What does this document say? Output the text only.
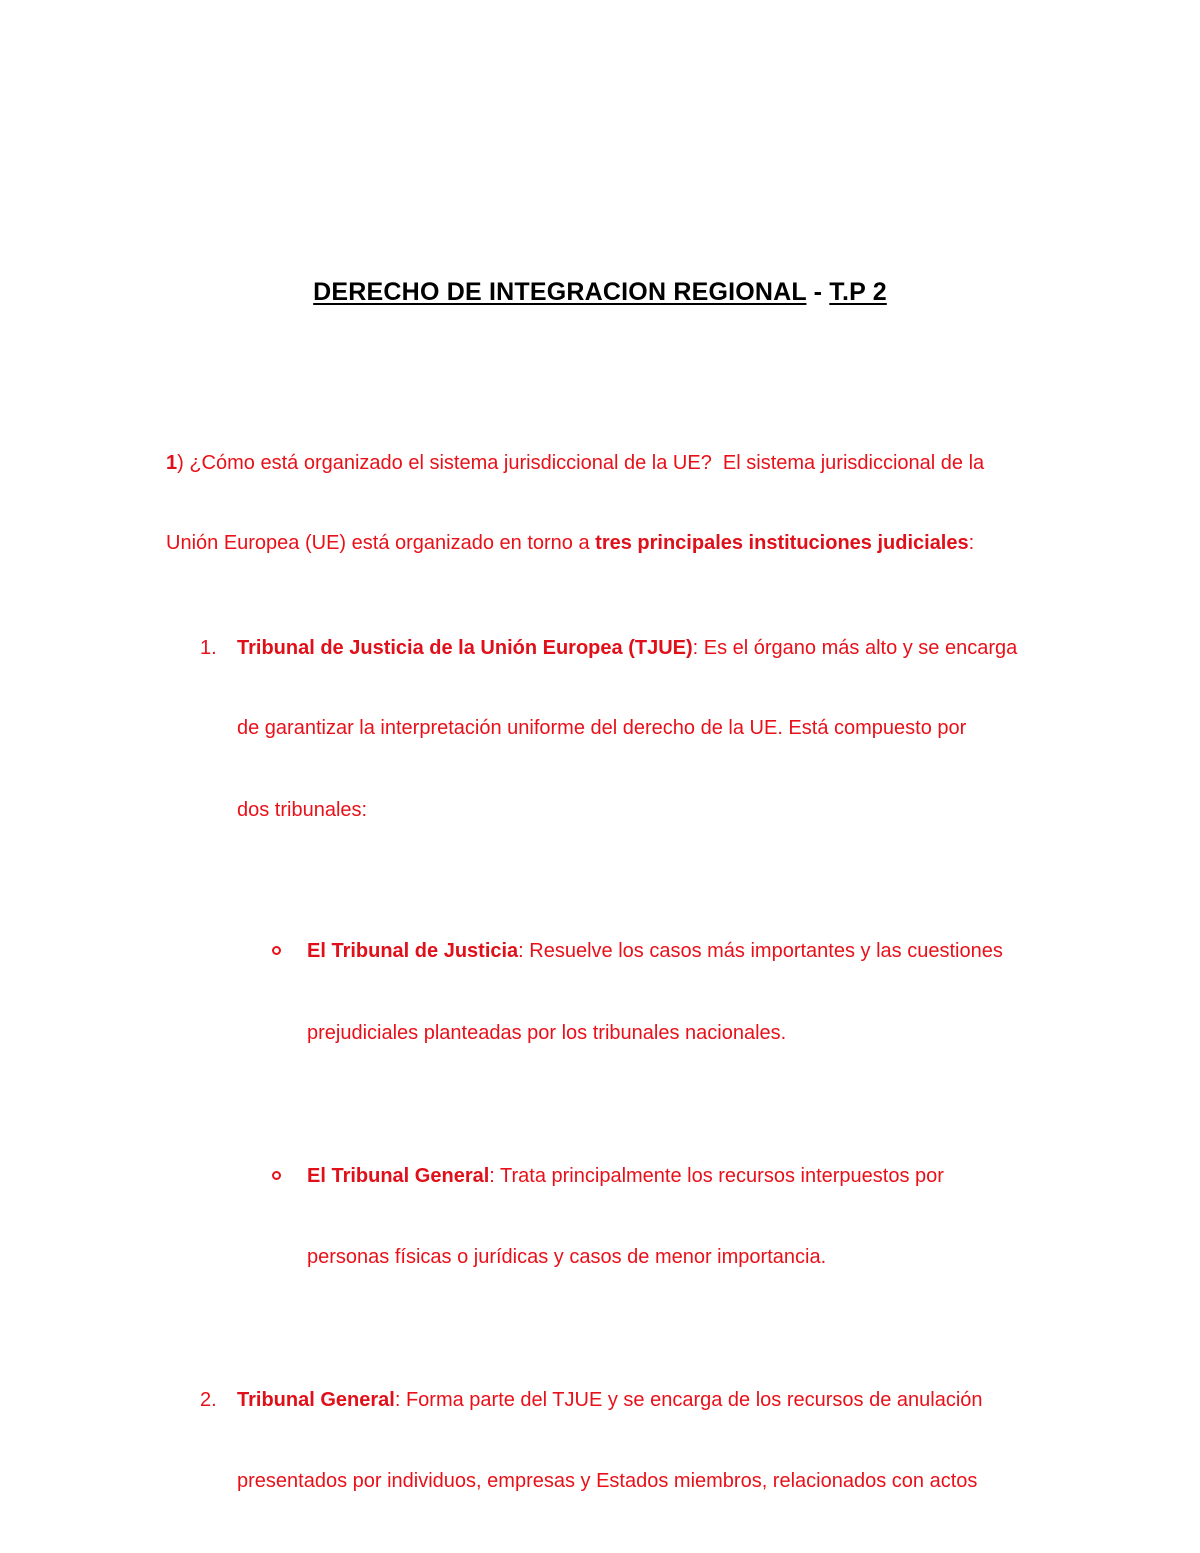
DERECHO DE INTEGRACION REGIONAL - T.P 2
1) ¿Cómo está organizado el sistema jurisdiccional de la UE?  El sistema jurisdiccional de la
Unión Europea (UE) está organizado en torno a tres principales instituciones judiciales:
1. Tribunal de Justicia de la Unión Europea (TJUE): Es el órgano más alto y se encarga
de garantizar la interpretación uniforme del derecho de la UE. Está compuesto por
dos tribunales:
El Tribunal de Justicia: Resuelve los casos más importantes y las cuestiones
prejudiciales planteadas por los tribunales nacionales.
El Tribunal General: Trata principalmente los recursos interpuestos por
personas físicas o jurídicas y casos de menor importancia.
2. Tribunal General: Forma parte del TJUE y se encarga de los recursos de anulación
presentados por individuos, empresas y Estados miembros, relacionados con actos
